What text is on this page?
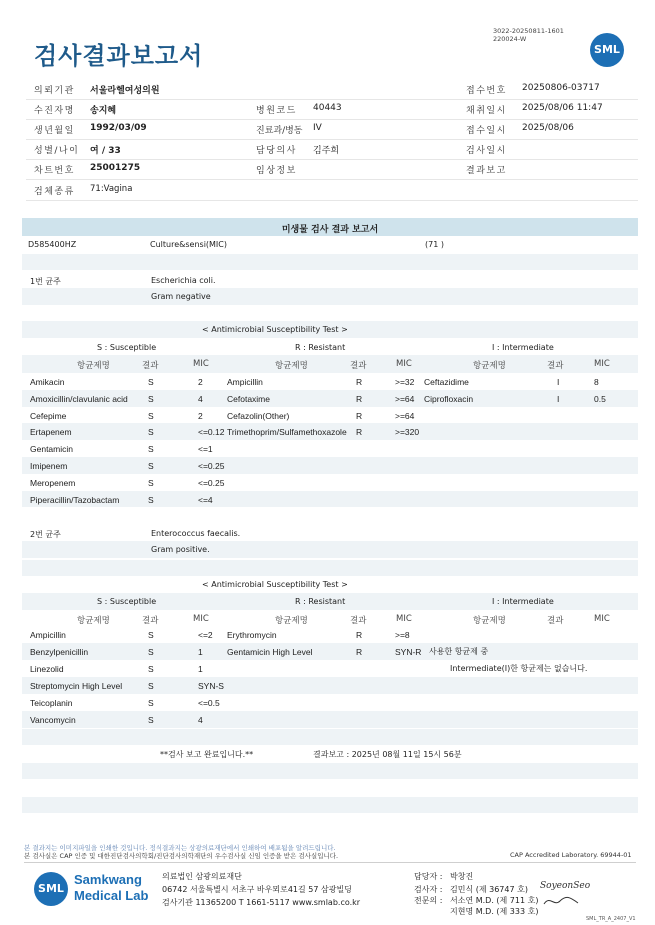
검사결과보고서
3022-20250811-1601
220024-W
SML
의뢰기관 서울라헬여성의원	접수번호 20250806-03717
수진자명 송지혜	병원코드 40443	채취일시 2025/08/06 11:47
생년월일 1992/03/09	진료과/병동 IV	접수일시 2025/08/06
성별/나이 여 / 33	담당의사 김주희	검사일시
차트번호 25001275	임상정보	결과보고
검체종류 71:Vagina
미생물 검사 결과 보고서
D585400HZ	Culture&sensi(MIC)	(71 )
1번 균주	Escherichia coli.
Gram negative
< Antimicrobial Susceptibility Test >
S : Susceptible	R : Resistant	I : Intermediate
항균제명	결과	MIC	항균제명	결과	MIC	항균제명	결과	MIC
Amikacin	S	2	Ampicillin	R	>=32 Ceftazidime	I	8
Amoxicillin/clavulanic acid S	4	Cefotaxime	R	>=64 Ciprofloxacin	I	0.5
Cefepime	S	2	Cefazolin(Other)	R	>=64
Ertapenem	S	<=0.12 Trimethoprim/Sulfamethoxazole R	>=320
Gentamicin	S	<=1
Imipenem	S	<=0.25
Meropenem	S	<=0.25
Piperacillin/Tazobactam	S	<=4
2번 균주	Enterococcus faecalis.
Gram positive.
< Antimicrobial Susceptibility Test >
S : Susceptible	R : Resistant	I : Intermediate
항균제명	결과	MIC	항균제명	결과	MIC	항균제명	결과	MIC
Ampicillin	S	<=2 Erythromycin	R	>=8
Benzylpenicillin	S	1	Gentamicin High Level	R	SYN-R
Linezolid	S	1
Streptomycin High Level	S	SYN-S
Teicoplanin	S	<=0.5
Vancomycin	S	4
사용한 항균제 중
Intermediate(I)한 항균제는 없습니다.
**검사 보고 완료입니다.**	결과보고 : 2025년 08월 11일 15시 56분
본 결과지는 이미지파일을 인쇄한 것입니다. 정식결과지는 상광의료재단에서 인쇄하여 배포됨을 알려드립니다.
본 검사실은 CAP 인증 및 대한진단검사의학회/진단검사의학재단의 우수검사실 신임 인증을 받은 검사실입니다.	CAP Accredited Laboratory. 69944-01
SML
Samkwang
Medical Lab
의료법인 삼광의료재단
06742 서울특별시 서초구 바우뫼로41길 57 삼광빌딩
검사기관 11365200 T 1661-5117 www.smlab.co.kr
담당자 : 박창진
검사자 : 김민식 (제 36747 호) SoyeonSeo
전문의 : 서소연 M.D. (제 711 호)
지현명 M.D. (제 333 호)
SML_TR_A_2407_V1
